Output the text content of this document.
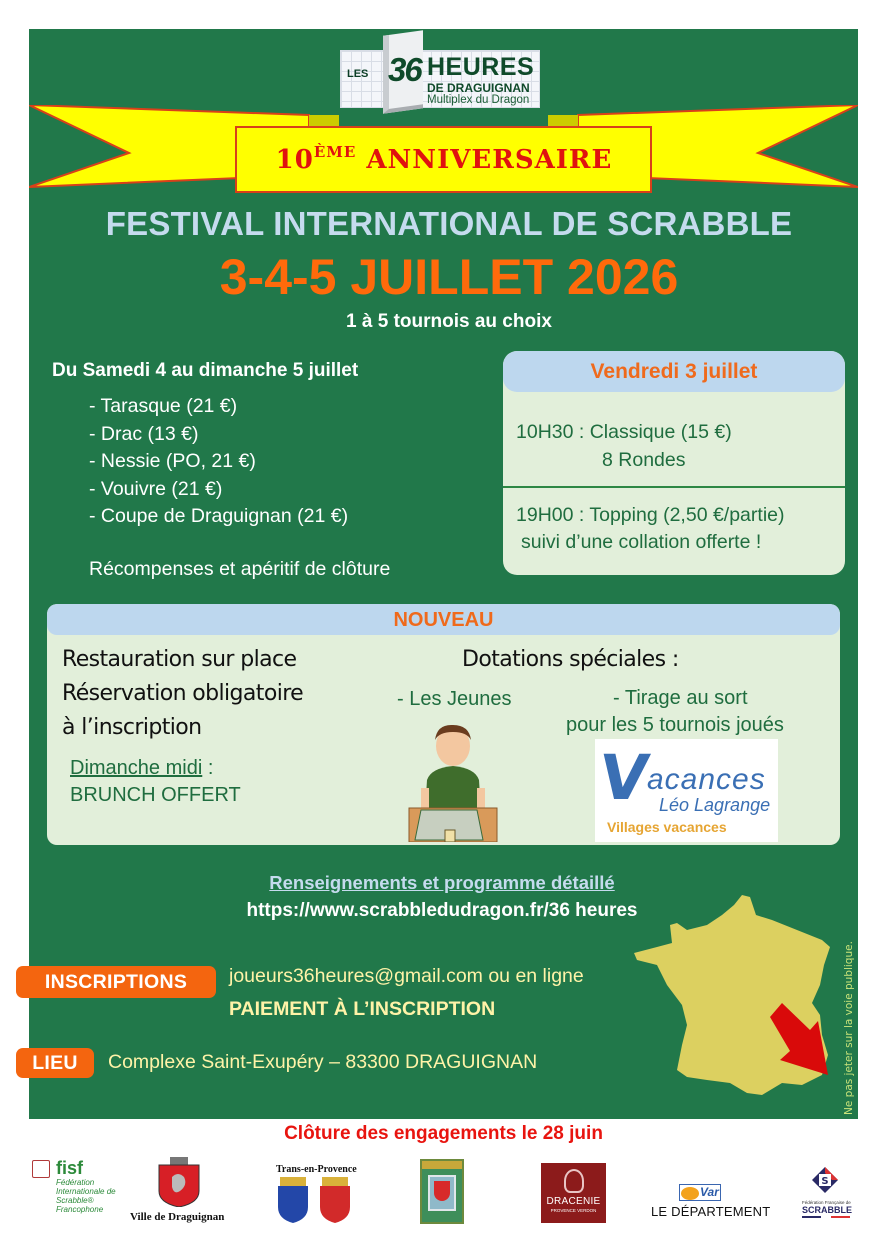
LES 36 HEURES
DE DRAGUIGNAN
Multiplex du Dragon
10ÈME ANNIVERSAIRE
FESTIVAL INTERNATIONAL DE SCRABBLE
3-4-5 JUILLET 2026
1 à 5 tournois au choix
Du Samedi 4 au dimanche 5 juillet
- Tarasque (21 €)
- Drac (13 €)
- Nessie (PO, 21 €)
- Vouivre (21 €)
- Coupe de Draguignan (21 €)
Récompenses et apéritif de clôture
Vendredi 3 juillet
10H30 : Classique (15 €)
8 Rondes
19H00 : Topping (2,50 €/partie)
suivi d’une collation offerte !
NOUVEAU
Restauration sur place
Réservation obligatoire
à l’inscription
Dimanche midi :
BRUNCH OFFERT
Dotations spéciales :
- Les Jeunes	- Tirage au sort
pour les 5 tournois joués
V
acances
Léo Lagrange
Villages vacances
Renseignements et programme détaillé
https://www.scrabbledudragon.fr/36 heures
INSCRIPTIONS	joueurs36heures@gmail.com ou en ligne
PAIEMENT À L’INSCRIPTION
LIEU	Complexe Saint-Exupéry – 83300 DRAGUIGNAN	Ne pas jeter sur la voie publique.
Clôture des engagements le 28 juin
fisf
Fédération Internationale de Scrabble® Francophone
Ville de Draguignan
Trans-en-Provence
DRACENIE
PROVENCE VERDON
Var
LE DÉPARTEMENT
S
Fédération Française de
SCRABBLE
